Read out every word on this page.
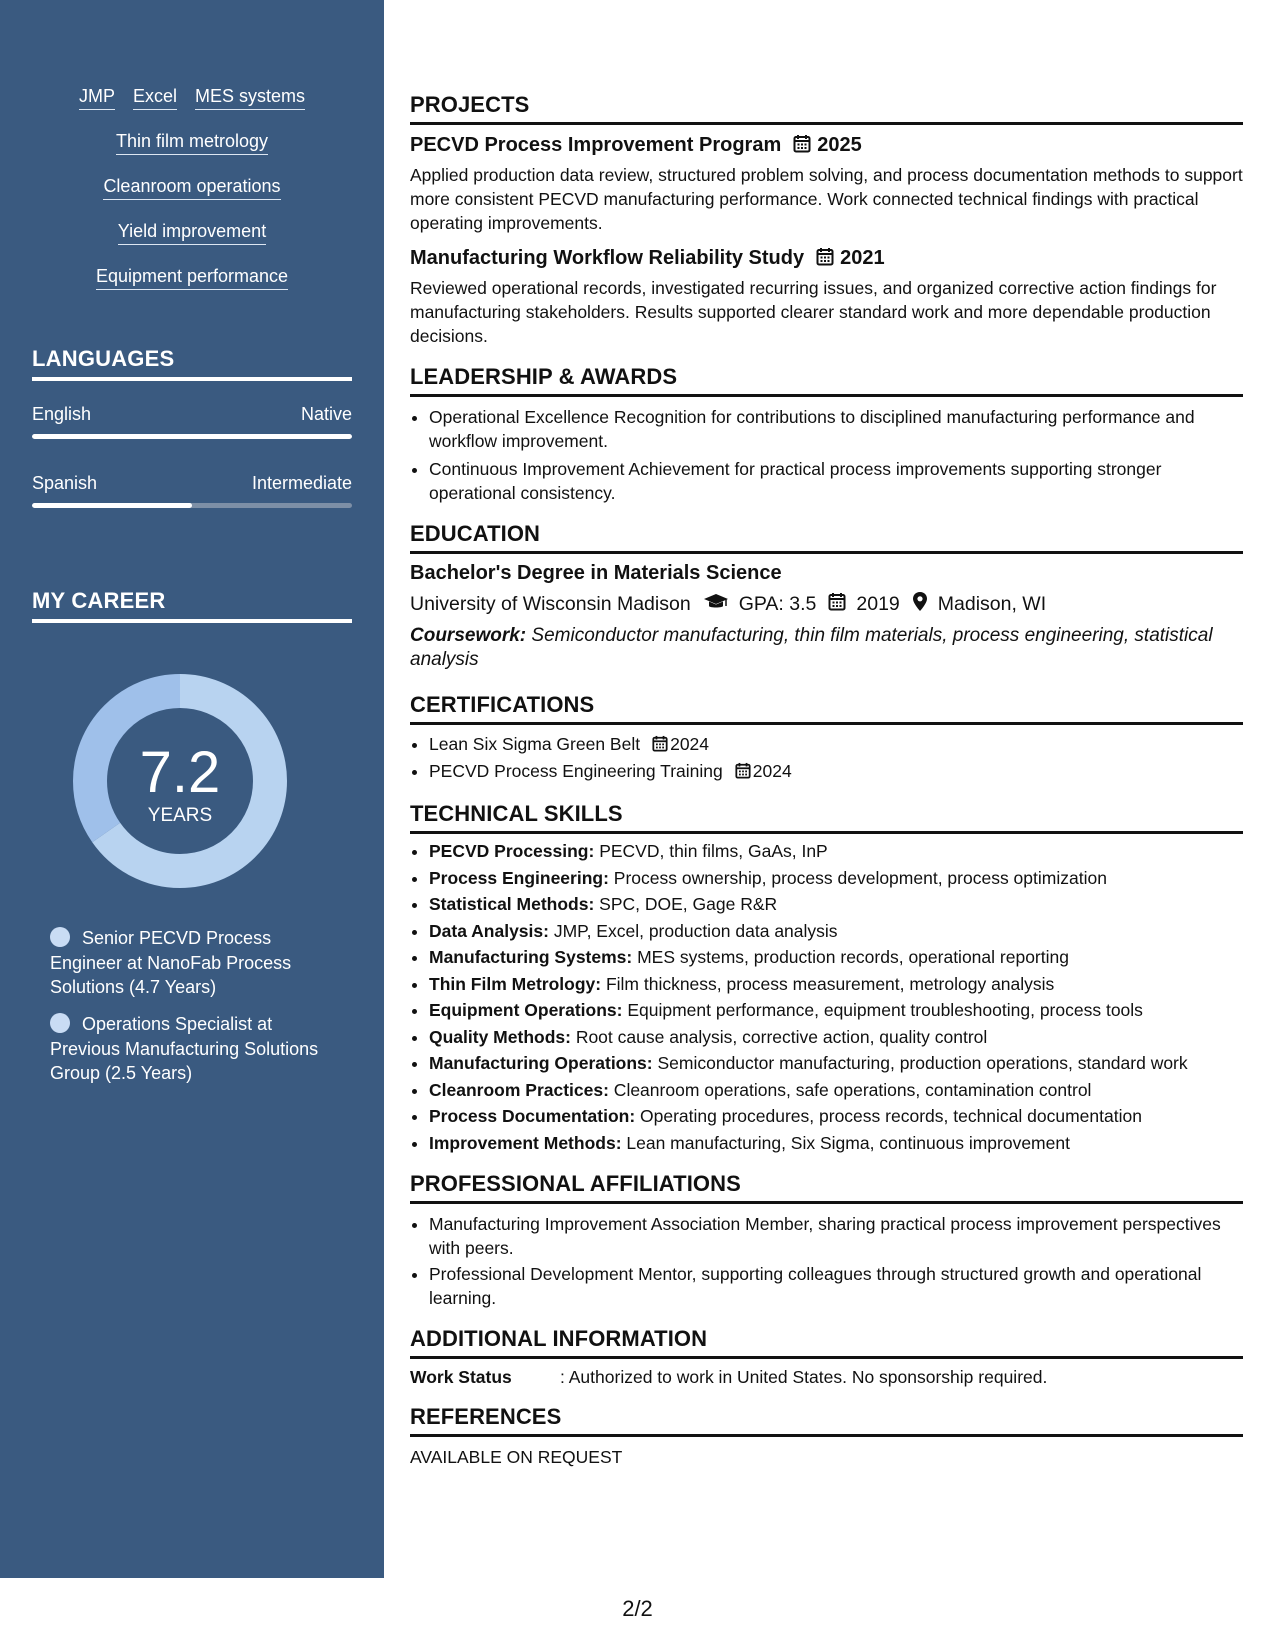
JMP Excel MES systems
Thin film metrology
Cleanroom operations
Yield improvement
Equipment performance
LANGUAGES
English	Native
Spanish	Intermediate
MY CAREER
7.2
YEARS
Senior PECVD Process Engineer at NanoFab Process Solutions (4.7 Years)
Operations Specialist at Previous Manufacturing Solutions Group (2.5 Years)
PROJECTS
PECVD Process Improvement Program 2025
Applied production data review, structured problem solving, and process documentation methods to support more consistent PECVD manufacturing performance. Work connected technical findings with practical operating improvements.
Manufacturing Workflow Reliability Study 2021
Reviewed operational records, investigated recurring issues, and organized corrective action findings for manufacturing stakeholders. Results supported clearer standard work and more dependable production decisions.
LEADERSHIP & AWARDS
• Operational Excellence Recognition for contributions to disciplined manufacturing performance and workflow improvement.
• Continuous Improvement Achievement for practical process improvements supporting stronger operational consistency.
EDUCATION
Bachelor's Degree in Materials Science
University of Wisconsin Madison GPA: 3.5 2019 Madison, WI
Coursework: Semiconductor manufacturing, thin film materials, process engineering, statistical analysis
CERTIFICATIONS
• Lean Six Sigma Green Belt 2024
• PECVD Process Engineering Training 2024
TECHNICAL SKILLS
• PECVD Processing: PECVD, thin films, GaAs, InP
• Process Engineering: Process ownership, process development, process optimization
• Statistical Methods: SPC, DOE, Gage R&R
• Data Analysis: JMP, Excel, production data analysis
• Manufacturing Systems: MES systems, production records, operational reporting
• Thin Film Metrology: Film thickness, process measurement, metrology analysis
• Equipment Operations: Equipment performance, equipment troubleshooting, process tools
• Quality Methods: Root cause analysis, corrective action, quality control
• Manufacturing Operations: Semiconductor manufacturing, production operations, standard work
• Cleanroom Practices: Cleanroom operations, safe operations, contamination control
• Process Documentation: Operating procedures, process records, technical documentation
• Improvement Methods: Lean manufacturing, Six Sigma, continuous improvement
PROFESSIONAL AFFILIATIONS
• Manufacturing Improvement Association Member, sharing practical process improvement perspectives with peers.
• Professional Development Mentor, supporting colleagues through structured growth and operational learning.
ADDITIONAL INFORMATION
Work Status	: Authorized to work in United States. No sponsorship required.
REFERENCES
AVAILABLE ON REQUEST
2/2
